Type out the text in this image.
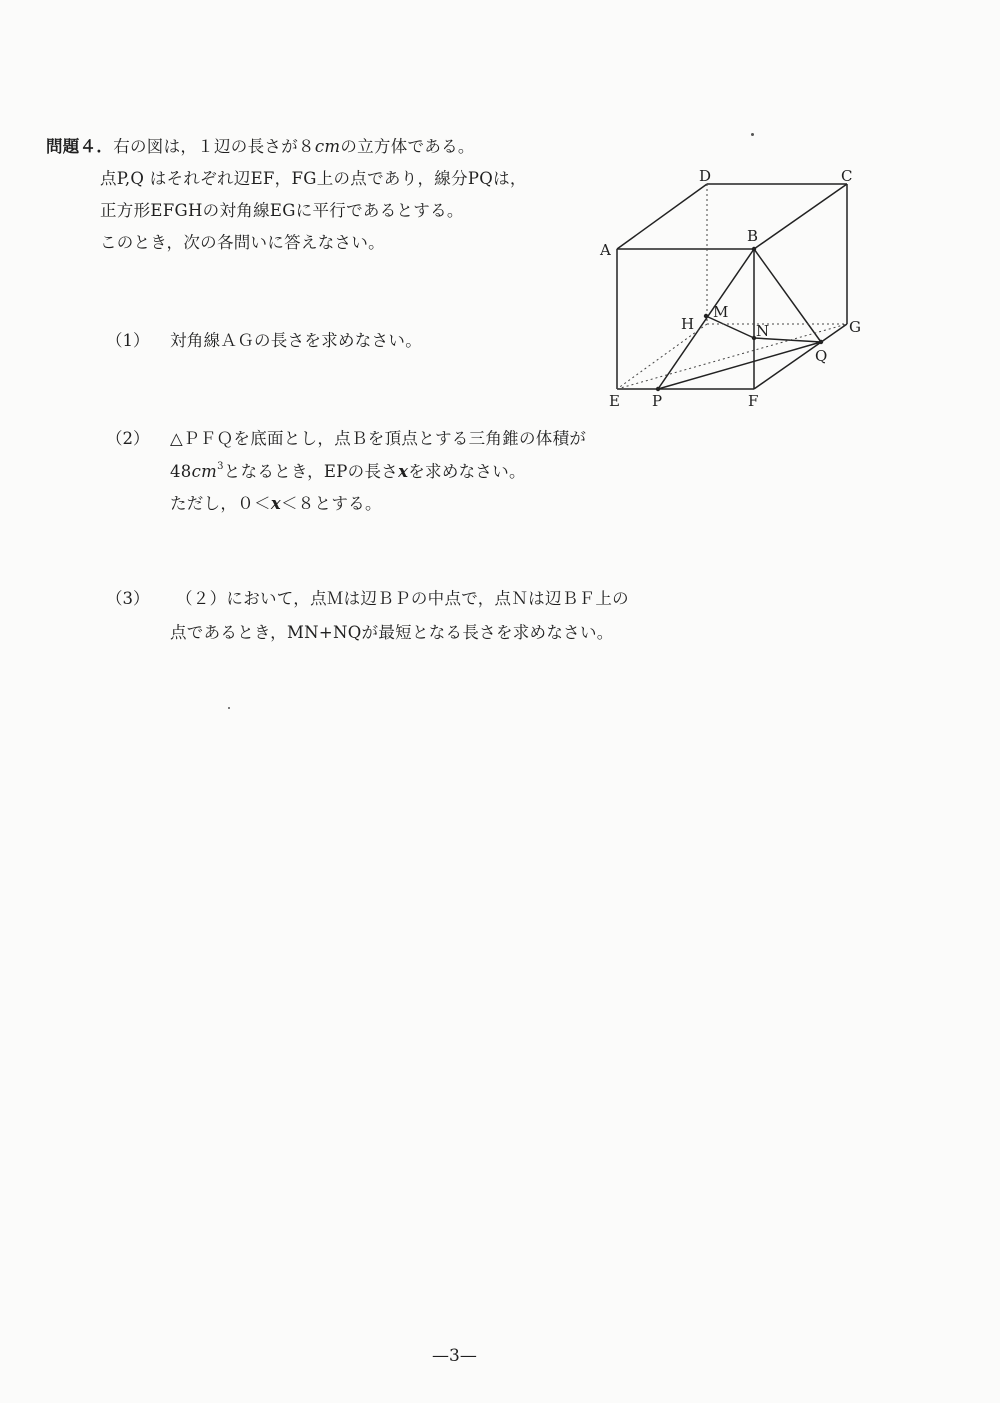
問題４．右の図は，１辺の長さが８cmの立方体である。
点P,Q はそれぞれ辺EF，FG上の点であり，線分PQは，
正方形EFGHの対角線EGに平行であるとする。
このとき，次の各問いに答えなさい。
（1） 対角線ＡＧの長さを求めなさい。
（2） △ＰＦＱを底面とし，点Ｂを頂点とする三角錐の体積が
$48cm^3$となるとき，EPの長さxを求めなさい。
ただし，０＜x＜８とする。
（3） （２）において，点Ｍは辺ＢＰの中点で，点Ｎは辺ＢＦ上の
点であるとき，MN+NQが最短となる長さを求めなさい。
A
B
C
D
E	F
G
H
P
Q
M
N
—3—
